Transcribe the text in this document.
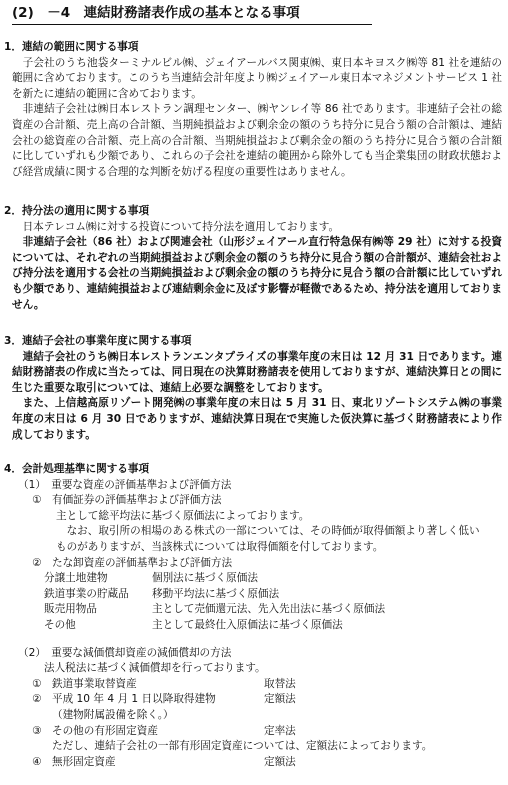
(2)　－4　連結財務諸表作成の基本となる事項
1．連結の範囲に関する事項
子会社のうち池袋ターミナルビル㈱、ジェイアールバス関東㈱、東日本キヨスク㈱等 81 社を連結の範囲に含めております。このうち当連結会計年度より㈱ジェイアール東日本マネジメントサービス 1 社を新たに連結の範囲に含めております。
非連結子会社は㈱日本レストラン調理センター、㈱ヤンレイ等 86 社であります。非連結子会社の総資産の合計額、売上高の合計額、当期純損益および剰余金の額のうち持分に見合う額の合計額は、連結会社の総資産の合計額、売上高の合計額、当期純損益および剰余金の額のうち持分に見合う額の合計額に比していずれも少額であり、これらの子会社を連結の範囲から除外しても当企業集団の財政状態および経営成績に関する合理的な判断を妨げる程度の重要性はありません。
2．持分法の適用に関する事項
日本テレコム㈱に対する投資について持分法を適用しております。
非連結子会社（86 社）および関連会社（山形ジェイアール直行特急保有㈱等 29 社）に対する投資については、それぞれの当期純損益および剰余金の額のうち持分に見合う額の合計額が、連結会社および持分法を適用する会社の当期純損益および剰余金の額のうち持分に見合う額の合計額に比していずれも少額であり、連結純損益および連結剰余金に及ぼす影響が軽微であるため、持分法を適用しておりません。
3．連結子会社の事業年度に関する事項
連結子会社のうち㈱日本レストランエンタプライズの事業年度の末日は 12 月 31 日であります。連結財務諸表の作成に当たっては、同日現在の決算財務諸表を使用しておりますが、連結決算日との間に生じた重要な取引については、連結上必要な調整をしております。
また、上信越高原リゾート開発㈱の事業年度の末日は 5 月 31 日、東北リゾートシステム㈱の事業年度の末日は 6 月 30 日でありますが、連結決算日現在で実施した仮決算に基づく財務諸表により作成しております。
4．会計処理基準に関する事項
（1）　重要な資産の評価基準および評価方法
① 有価証券の評価基準および評価方法
主として総平均法に基づく原価法によっております。
なお、取引所の相場のある株式の一部については、その時価が取得価額より著しく低いものがありますが、当該株式については取得価額を付しております。
② たな卸資産の評価基準および評価方法
分譲土地建物	個別法に基づく原価法
鉄道事業の貯蔵品	移動平均法に基づく原価法
販売用物品	主として売価還元法、先入先出法に基づく原価法
その他	主として最終仕入原価法に基づく原価法
（2）　重要な減価償却資産の減価償却の方法
法人税法に基づく減価償却を行っております。
① 鉄道事業取替資産	取替法
② 平成 10 年 4 月 1 日以降取得建物	定額法
（建物附属設備を除く。）
③ その他の有形固定資産	定率法
ただし、連結子会社の一部有形固定資産については、定額法によっております。
④ 無形固定資産	定額法
